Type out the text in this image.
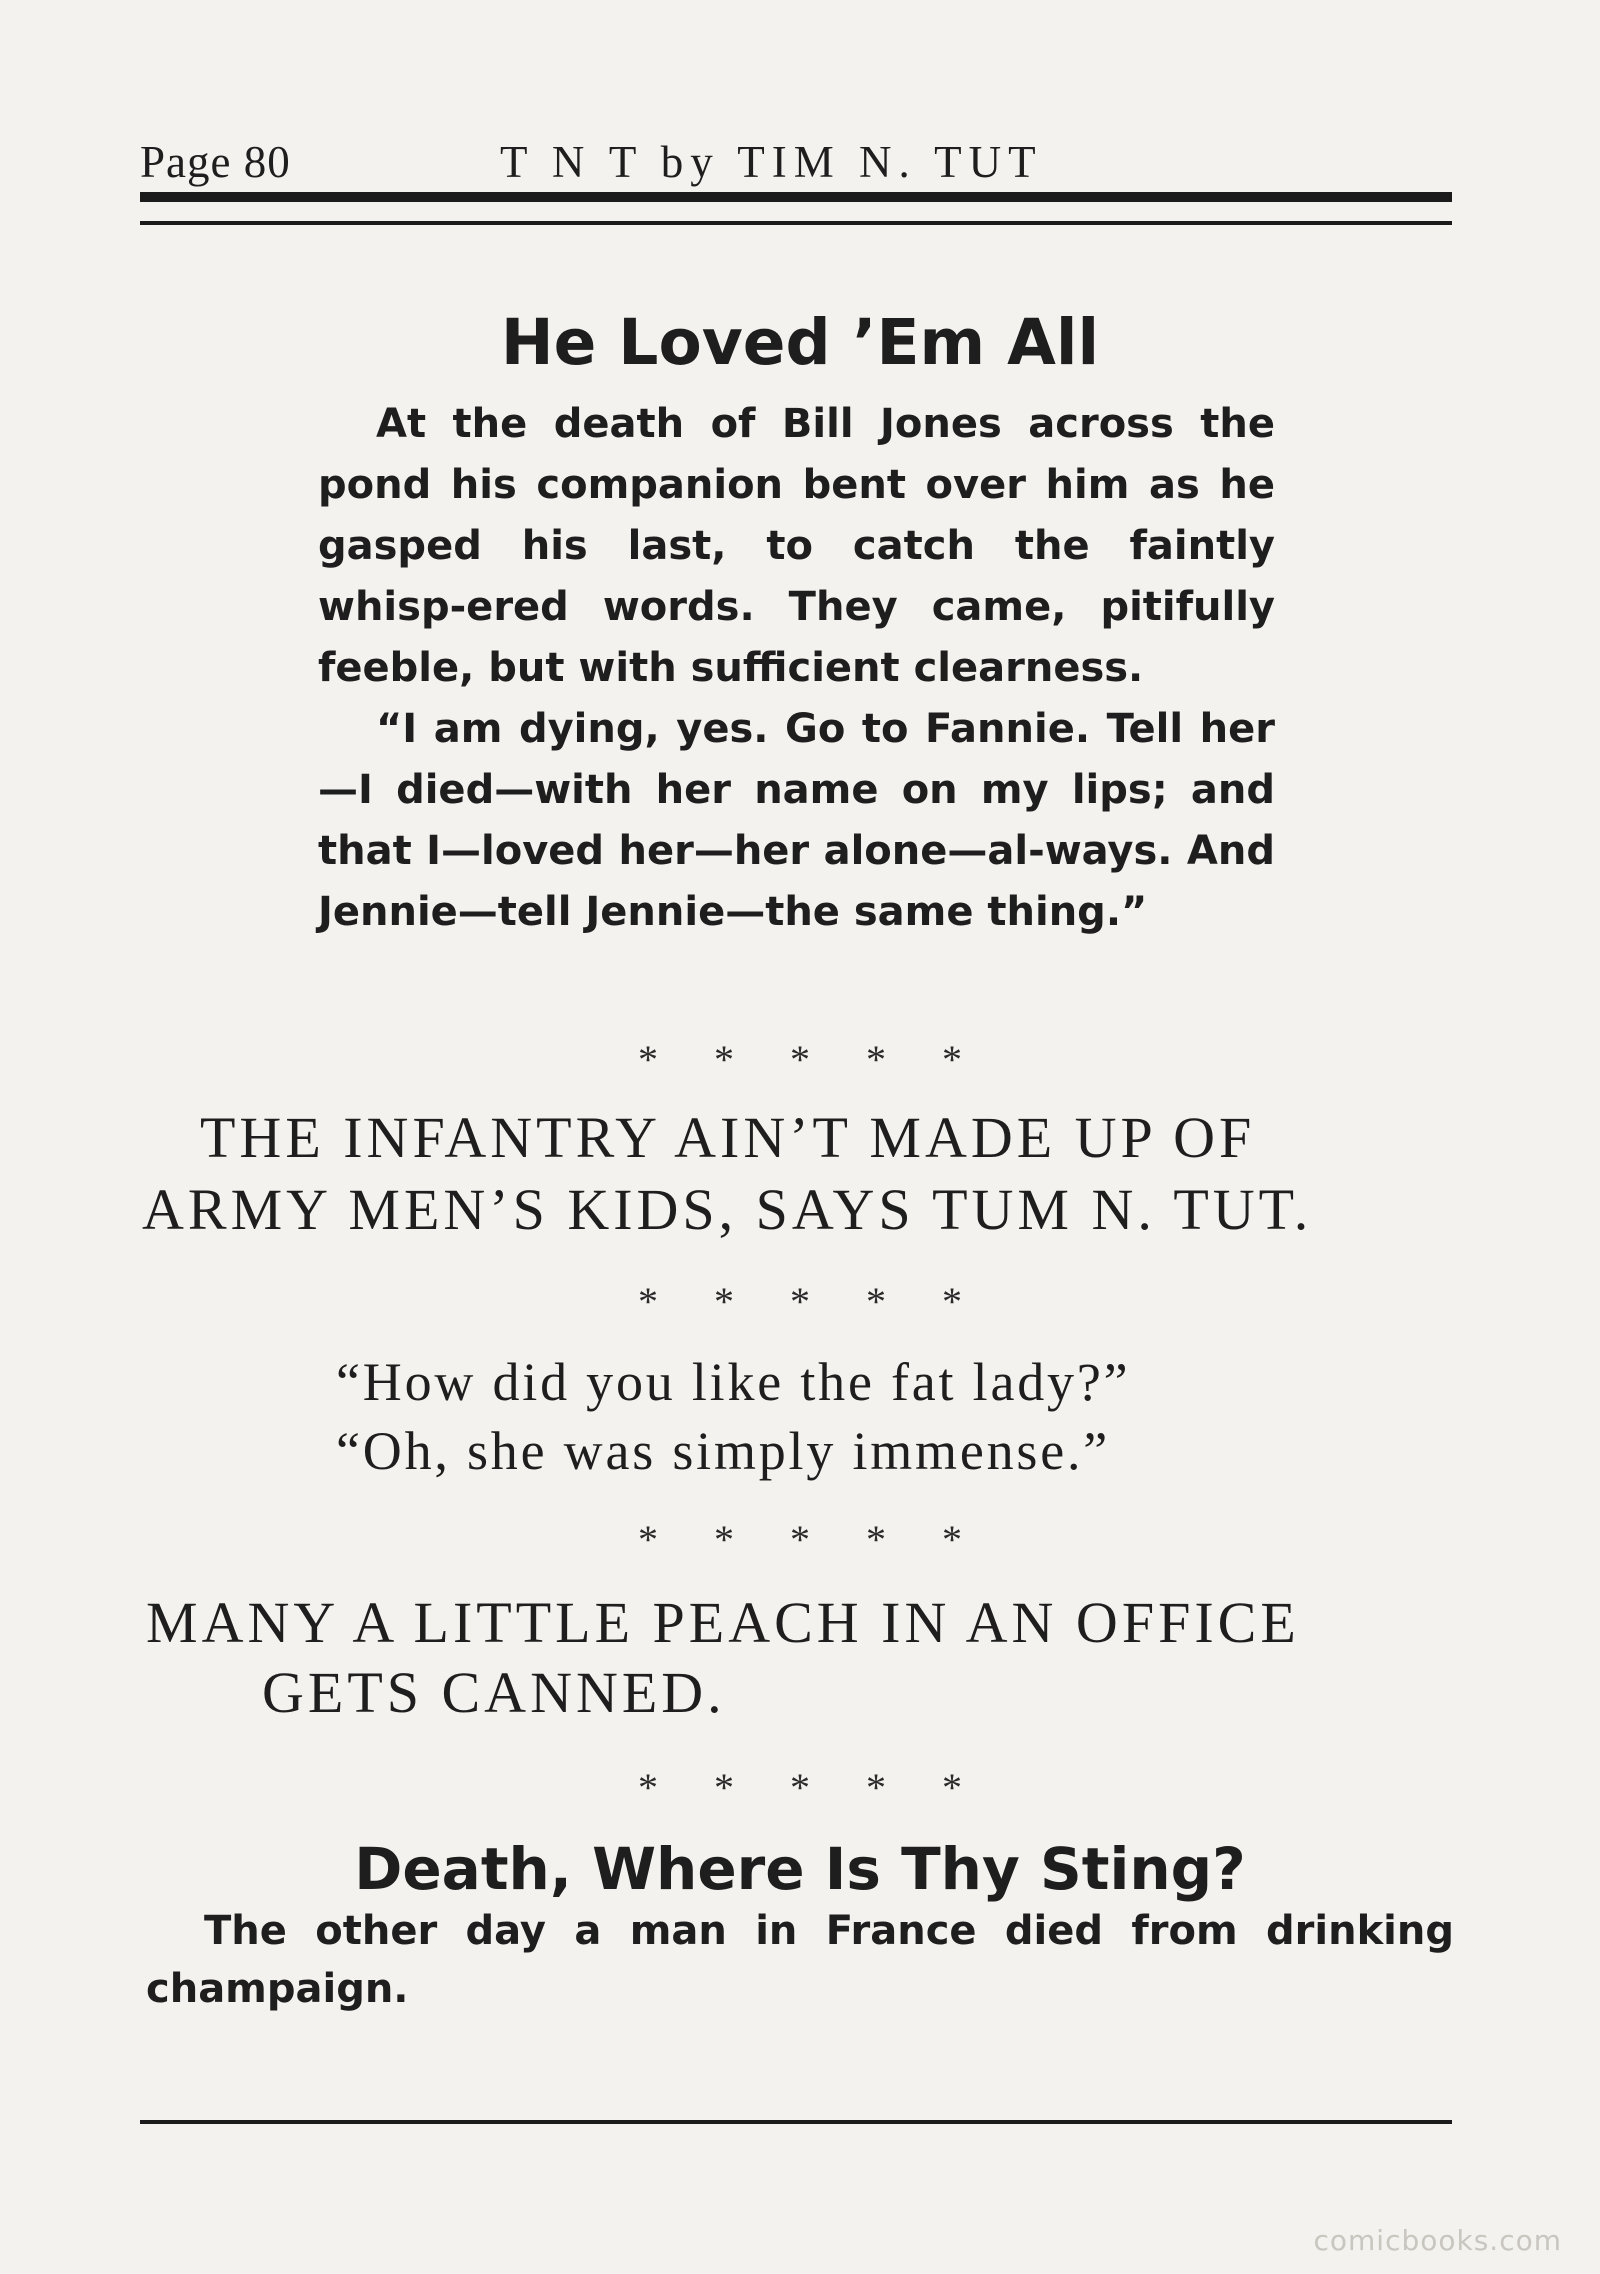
Page 80	T N T by TIM N. TUT
He Loved ’Em All

At the death of Bill Jones across the pond his companion bent over him as he gasped his last, to catch the faintly whisp-ered words. They came, pitifully feeble, but with sufficient clearness.

“I am dying, yes. Go to Fannie. Tell her—I died—with her name on my lips; and that I—loved her—her alone—al-ways. And Jennie—tell Jennie—the same thing.”

* * * * *
THE INFANTRY AIN’T MADE UP OF
ARMY MEN’S KIDS, SAYS TUM N. TUT.
* * * * *
“How did you like the fat lady?”
“Oh, she was simply immense.”
* * * * *
MANY A LITTLE PEACH IN AN OFFICE
GETS CANNED.
* * * * *
Death, Where Is Thy Sting?

The other day a man in France died from drinking champaign.

comicbooks.com
